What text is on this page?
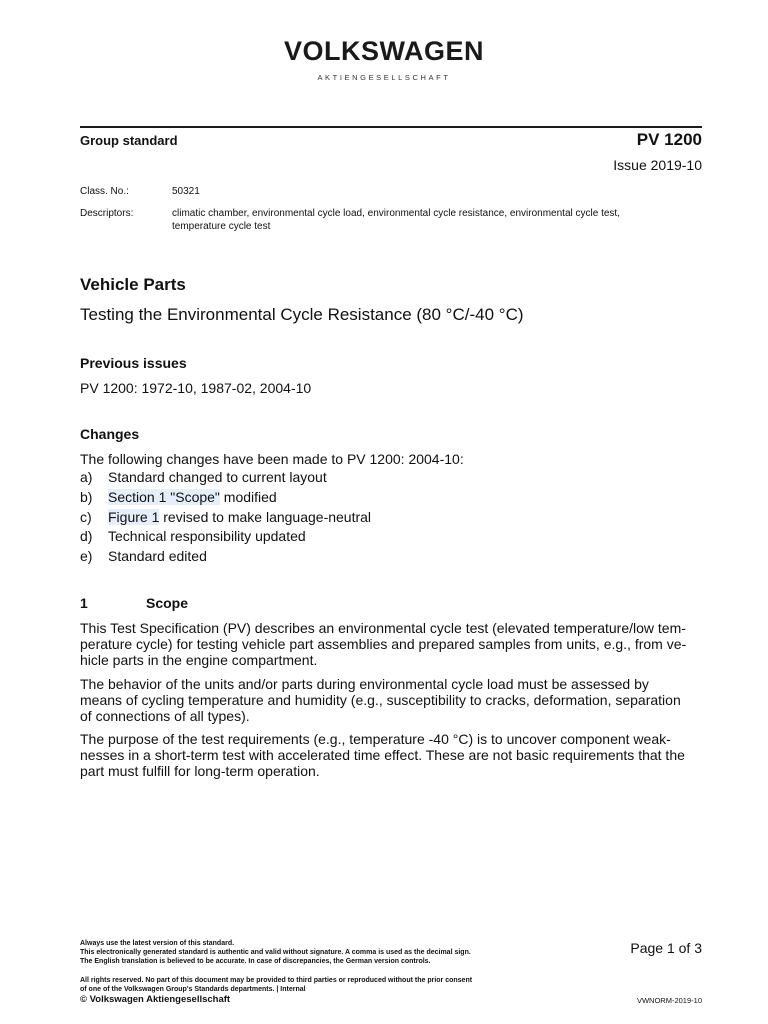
VOLKSWAGEN
AKTIENGESELLSCHAFT
Group standard	PV 1200
Issue 2019-10
Class. No.:	50321
Descriptors:	climatic chamber, environmental cycle load, environmental cycle resistance, environmental cycle test,
temperature cycle test
Vehicle Parts
Testing the Environmental Cycle Resistance (80 °C/-40 °C)
Previous issues
PV 1200: 1972-10, 1987-02, 2004-10
Changes
The following changes have been made to PV 1200: 2004-10:
a) Standard changed to current layout
b) Section 1 "Scope" modified
c) Figure 1 revised to make language-neutral
d) Technical responsibility updated
e) Standard edited
1	Scope
This Test Specification (PV) describes an environmental cycle test (elevated temperature/low tem-
perature cycle) for testing vehicle part assemblies and prepared samples from units, e.g., from ve-
hicle parts in the engine compartment.
The behavior of the units and/or parts during environmental cycle load must be assessed by
means of cycling temperature and humidity (e.g., susceptibility to cracks, deformation, separation
of connections of all types).
The purpose of the test requirements (e.g., temperature -40 °C) is to uncover component weak-
nesses in a short-term test with accelerated time effect. These are not basic requirements that the
part must fulfill for long-term operation.
Always use the latest version of this standard.
This electronically generated standard is authentic and valid without signature. A comma is used as the decimal sign.
The English translation is believed to be accurate. In case of discrepancies, the German version controls.
All rights reserved. No part of this document may be provided to third parties or reproduced without the prior consent
of one of the Volkswagen Group's Standards departments. | Internal
© Volkswagen Aktiengesellschaft
Page 1 of 3
VWNORM-2019-10
